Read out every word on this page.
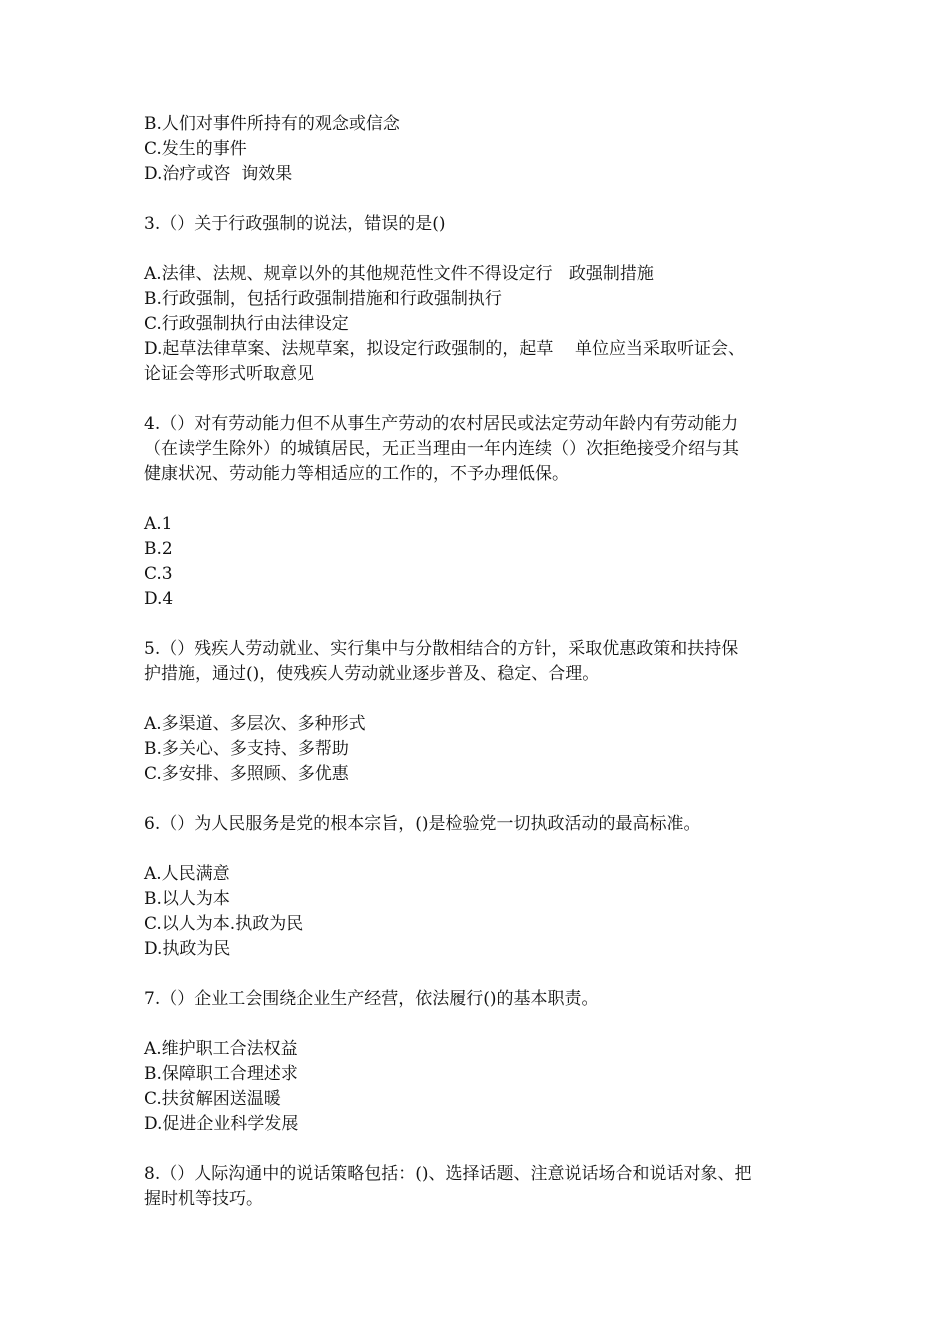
B.人们对事件所持有的观念或信念

C.发生的事件

D.治疗或咨  询效果

3.（）关于行政强制的说法，错误的是()

A.法律、法规、规章以外的其他规范性文件不得设定行   政强制措施

B.行政强制，包括行政强制措施和行政强制执行

C.行政强制执行由法律设定

D.起草法律草案、法规草案，拟设定行政强制的，起草    单位应当采取听证会、

论证会等形式听取意见

4.（）对有劳动能力但不从事生产劳动的农村居民或法定劳动年龄内有劳动能力

（在读学生除外）的城镇居民，无正当理由一年内连续（）次拒绝接受介绍与其

健康状况、劳动能力等相适应的工作的，不予办理低保。

A.1

B.2

C.3

D.4

5.（）残疾人劳动就业、实行集中与分散相结合的方针，采取优惠政策和扶持保

护措施，通过()，使残疾人劳动就业逐步普及、稳定、合理。

A.多渠道、多层次、多种形式

B.多关心、多支持、多帮助

C.多安排、多照顾、多优惠

6.（）为人民服务是党的根本宗旨，()是检验党一切执政活动的最高标准。

A.人民满意

B.以人为本

C.以人为本.执政为民

D.执政为民

7.（）企业工会围绕企业生产经营，依法履行()的基本职责。

A.维护职工合法权益

B.保障职工合理述求

C.扶贫解困送温暖

D.促进企业科学发展

8.（）人际沟通中的说话策略包括：()、选择话题、注意说话场合和说话对象、把

握时机等技巧。
